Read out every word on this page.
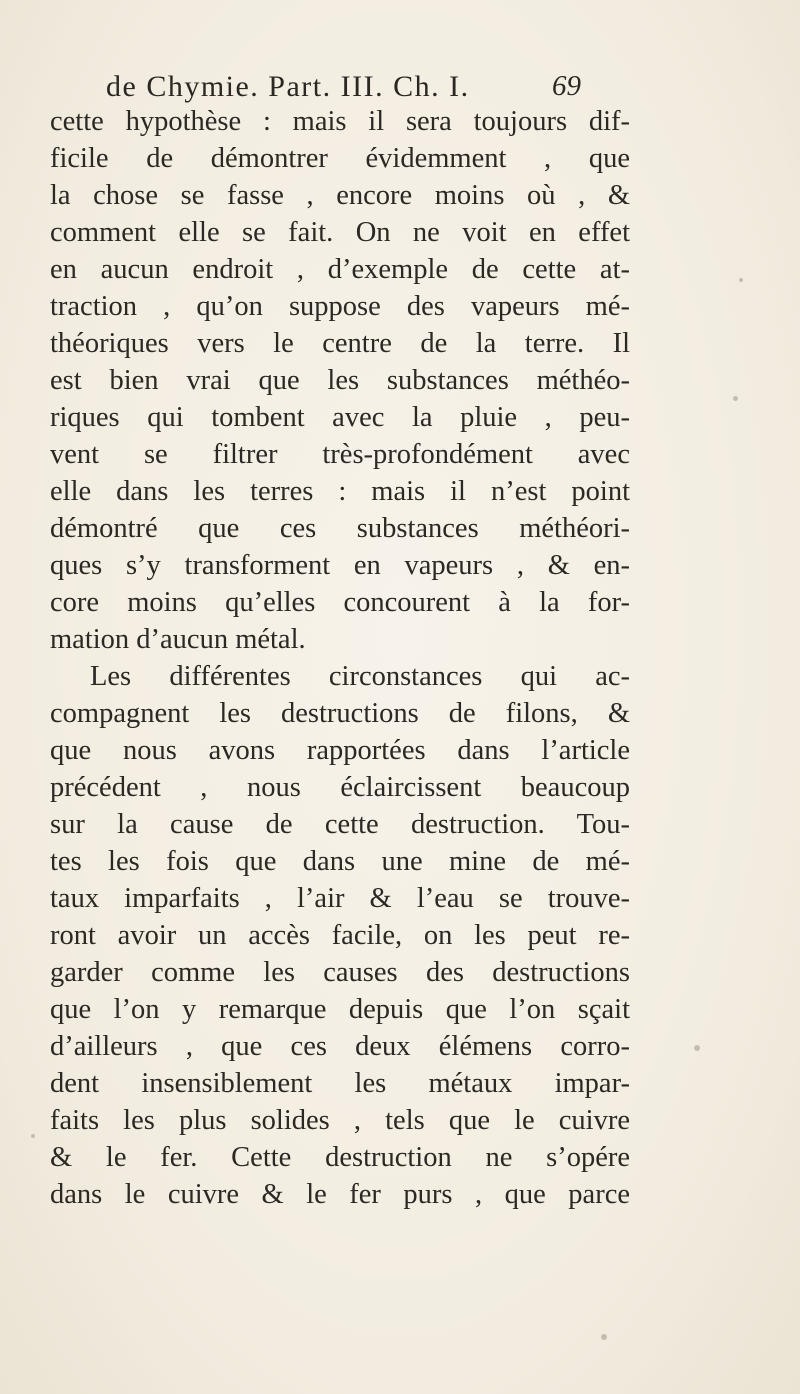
de Chymie. Part. III. Ch. I.	69
cette hypothèse : mais il sera toujours dif-
ficile de démontrer évidemment , que
la chose se fasse , encore moins où , &
comment elle se fait. On ne voit en effet
en aucun endroit , d’exemple de cette at-
traction , qu’on suppose des vapeurs mé-
théoriques vers le centre de la terre. Il
est bien vrai que les substances méthéo-
riques qui tombent avec la pluie , peu-
vent se filtrer très-profondément avec
elle dans les terres : mais il n’est point
démontré que ces substances méthéori-
ques s’y transforment en vapeurs , & en-
core moins qu’elles concourent à la for-
mation d’aucun métal.
Les différentes circonstances qui ac-
compagnent les destructions de filons, &
que nous avons rapportées dans l’article
précédent , nous éclaircissent beaucoup
sur la cause de cette destruction. Tou-
tes les fois que dans une mine de mé-
taux imparfaits , l’air & l’eau se trouve-
ront avoir un accès facile, on les peut re-
garder comme les causes des destructions
que l’on y remarque depuis que l’on sçait
d’ailleurs , que ces deux élémens corro-
dent insensiblement les métaux impar-
faits les plus solides , tels que le cuivre
& le fer. Cette destruction ne s’opére
dans le cuivre & le fer purs , que parce
